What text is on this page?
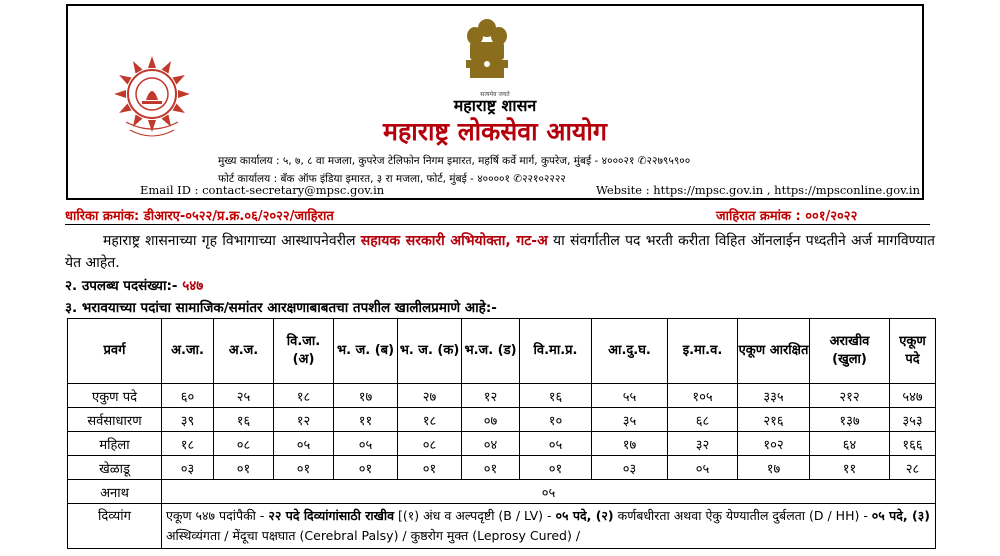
सत्यमेव जयते
महाराष्ट्र शासन
महाराष्ट्र लोकसेवा आयोग
मुख्य कार्यालय : ५, ७, ८ वा मजला, कुपरेज टेलिफोन निगम इमारत, महर्षि कर्वे मार्ग, कुपरेज, मुंबई - ४०००२१ ✆२२७९५९००
फोर्ट कार्यालय : बँक ऑफ इंडिया इमारत, ३ रा मजला, फोर्ट, मुंबई - ४००००१ ✆२२१०२२२२
Email ID : contact-secretary@mpsc.gov.in	Website : https://mpsc.gov.in , https://mpsconline.gov.in
धारिका क्रमांक: डीआरए-०५२२/प्र.क्र.०६/२०२२/जाहिरात	जाहिरात क्रमांक : ००१/२०२२
महाराष्ट्र शासनाच्या गृह विभागाच्या आस्थापनेवरील सहायक सरकारी अभियोक्ता, गट-अ या संवर्गातील पद भरती करीता विहित ऑनलाईन पध्दतीने अर्ज मागविण्यात येत आहेत.
२. उपलब्ध पदसंख्या:- ५४७
३. भरावयाच्या पदांचा सामाजिक/समांतर आरक्षणाबाबतचा तपशील खालीलप्रमाणे आहे:-
प्रवर्ग	अ.जा.	अ.ज.	वि.जा. (अ)	भ. ज. (ब)	भ. ज. (क)	भ.ज. (ड)	वि.मा.प्र.	आ.दु.घ.	इ.मा.व.	एकूण आरक्षित	अराखीव (खुला)	एकूण पदे
एकुण पदे	६०	२५	१८	१७	२७	१२	१६	५५	१०५	३३५	२१२	५४७
सर्वसाधारण	३९	१६	१२	११	१८	०७	१०	३५	६८	२१६	१३७	३५३
महिला	१८	०८	०५	०५	०८	०४	०५	१७	३२	१०२	६४	१६६
खेळाडू	०३	०१	०१	०१	०१	०१	०१	०३	०५	१७	११	२८
अनाथ	०५											
दिव्यांग	एकूण ५४७ पदांपैकी - २२ पदे दिव्यांगांसाठी राखीव [(१) अंध व अल्पदृष्टी (B / LV) - ०५ पदे, (२) कर्णबधीरता अथवा ऐकु येण्यातील दुर्बलता (D / HH) - ०५ पदे, (३) अस्थिव्यंगता / मेंदूचा पक्षघात (Cerebral Palsy) / कुष्ठरोग मुक्त (Leprosy Cured) /											
